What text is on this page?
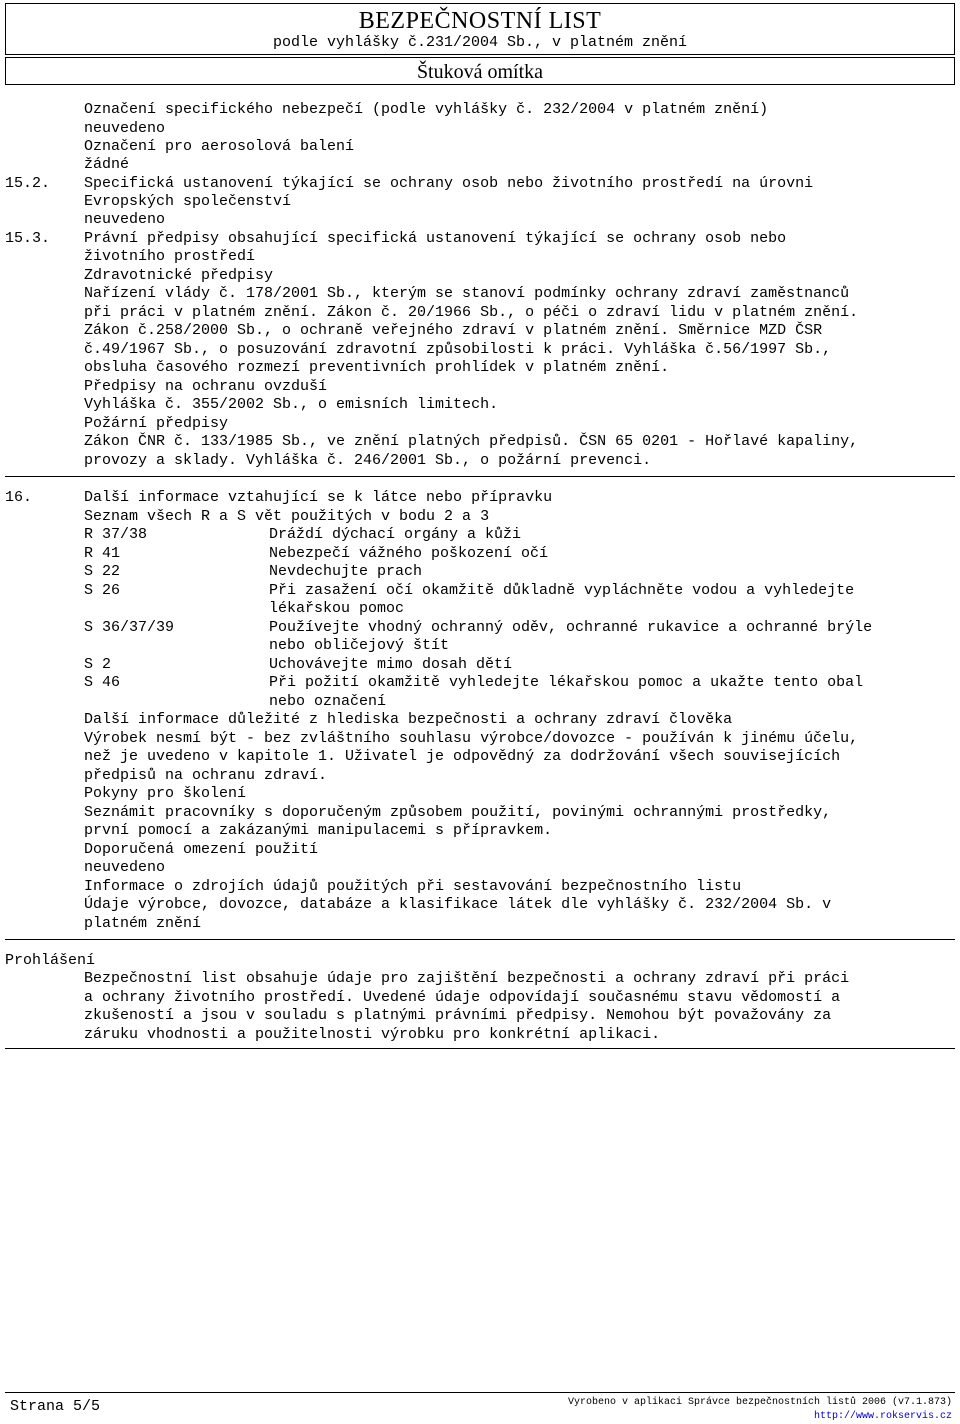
BEZPEČNOSTNÍ LIST
podle vyhlášky č.231/2004 Sb., v platném znění
Štuková omítka
Označení specifického nebezpečí (podle vyhlášky č. 232/2004 v platném znění)
neuvedeno
Označení pro aerosolová balení
žádné
15.2. Specifická ustanovení týkající se ochrany osob nebo životního prostředí na úrovni
Evropských společenství
neuvedeno
15.3. Právní předpisy obsahující specifická ustanovení týkající se ochrany osob nebo
životního prostředí
Zdravotnické předpisy
Nařízení vlády č. 178/2001 Sb., kterým se stanoví podmínky ochrany zdraví zaměstnanců
při práci v platném znění. Zákon č. 20/1966 Sb., o péči o zdraví lidu v platném znění.
Zákon č.258/2000 Sb., o ochraně veřejného zdraví v platném znění. Směrnice MZD ČSR
č.49/1967 Sb., o posuzování zdravotní způsobilosti k práci. Vyhláška č.56/1997 Sb.,
obsluha časového rozmezí preventivních prohlídek v platném znění.
Předpisy na ochranu ovzduší
Vyhláška č. 355/2002 Sb., o emisních limitech.
Požární předpisy
Zákon ČNR č. 133/1985 Sb., ve znění platných předpisů. ČSN 65 0201 - Hořlavé kapaliny,
provozy a sklady. Vyhláška č. 246/2001 Sb., o požární prevenci.
16.	Další informace vztahující se k látce nebo přípravku
Seznam všech R a S vět použitých v bodu 2 a 3
R 37/38	Dráždí dýchací orgány a kůži
R 41	Nebezpečí vážného poškození očí
S 22	Nevdechujte prach
S 26	Při zasažení očí okamžitě důkladně vypláchněte vodou a vyhledejte
lékařskou pomoc
S 36/37/39	Používejte vhodný ochranný oděv, ochranné rukavice a ochranné brýle
nebo obličejový štít
S 2	Uchovávejte mimo dosah dětí
S 46	Při požití okamžitě vyhledejte lékařskou pomoc a ukažte tento obal
nebo označení
Další informace důležité z hlediska bezpečnosti a ochrany zdraví člověka
Výrobek nesmí být - bez zvláštního souhlasu výrobce/dovozce - používán k jinému účelu,
než je uvedeno v kapitole 1. Uživatel je odpovědný za dodržování všech souvisejících
předpisů na ochranu zdraví.
Pokyny pro školení
Seznámit pracovníky s doporučeným způsobem použití, povinými ochrannými prostředky,
první pomocí a zakázanými manipulacemi s přípravkem.
Doporučená omezení použití
neuvedeno
Informace o zdrojích údajů použitých při sestavování bezpečnostního listu
Údaje výrobce, dovozce, databáze a klasifikace látek dle vyhlášky č. 232/2004 Sb. v
platném znění
Prohlášení
Bezpečnostní list obsahuje údaje pro zajištění bezpečnosti a ochrany zdraví při práci
a ochrany životního prostředí. Uvedené údaje odpovídají současnému stavu vědomostí a
zkušeností a jsou v souladu s platnými právními předpisy. Nemohou být považovány za
záruku vhodnosti a použitelnosti výrobku pro konkrétní aplikaci.
Strana 5/5	Vyrobeno v aplikaci Správce bezpečnostních listů 2006 (v7.1.873)
http://www.rokservis.cz
